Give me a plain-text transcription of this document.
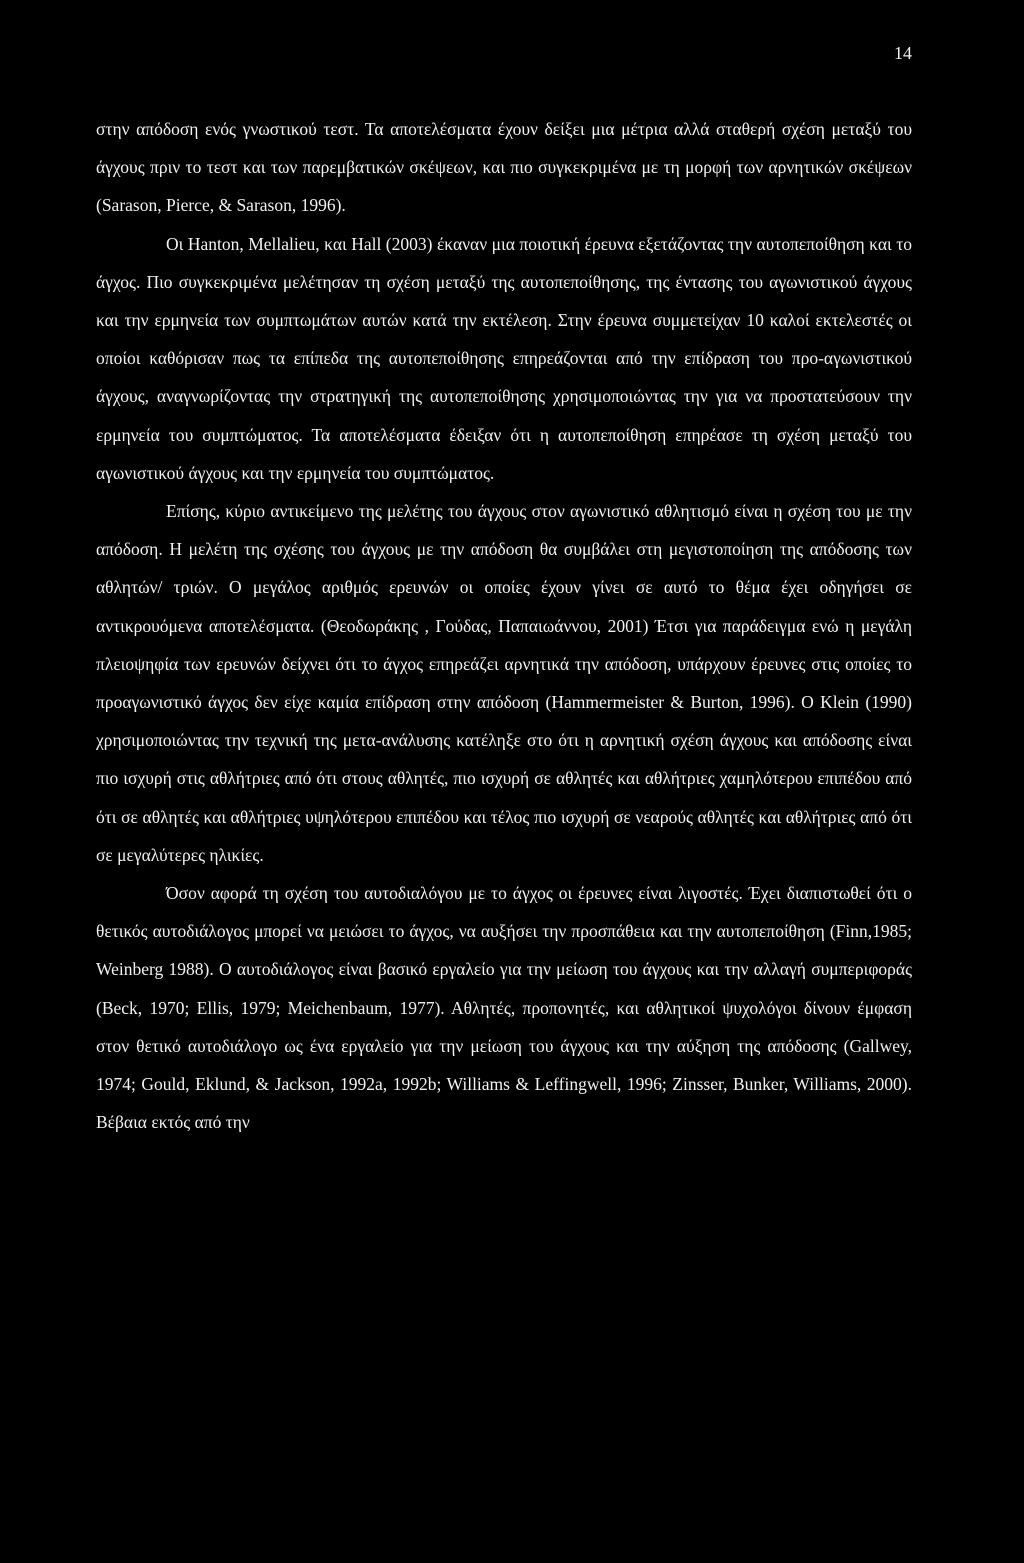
14

στην απόδοση ενός γνωστικού τεστ. Τα αποτελέσματα έχουν δείξει μια μέτρια αλλά σταθερή σχέση μεταξύ του άγχους πριν το τεστ και των παρεμβατικών σκέψεων, και πιο συγκεκριμένα με τη μορφή των αρνητικών σκέψεων (Sarason, Pierce, & Sarason, 1996).

Οι Hanton, Mellalieu, και Hall (2003) έκαναν μια ποιοτική έρευνα εξετάζοντας την αυτοπεποίθηση και το άγχος. Πιο συγκεκριμένα μελέτησαν τη σχέση μεταξύ της αυτοπεποίθησης, της έντασης του αγωνιστικού άγχους και την ερμηνεία των συμπτωμάτων αυτών κατά την εκτέλεση. Στην έρευνα συμμετείχαν 10 καλοί εκτελεστές οι οποίοι καθόρισαν πως τα επίπεδα της αυτοπεποίθησης επηρεάζονται από την επίδραση του προ-αγωνιστικού άγχους, αναγνωρίζοντας την στρατηγική της αυτοπεποίθησης χρησιμοποιώντας την για να προστατεύσουν την ερμηνεία του συμπτώματος. Τα αποτελέσματα έδειξαν ότι η αυτοπεποίθηση επηρέασε τη σχέση μεταξύ του αγωνιστικού άγχους και την ερμηνεία του συμπτώματος.

Επίσης, κύριο αντικείμενο της μελέτης του άγχους στον αγωνιστικό αθλητισμό είναι η σχέση του με την απόδοση. Η μελέτη της σχέσης του άγχους με την απόδοση θα συμβάλει στη μεγιστοποίηση της απόδοσης των αθλητών/ τριών. Ο μεγάλος αριθμός ερευνών οι οποίες έχουν γίνει σε αυτό το θέμα έχει οδηγήσει σε αντικρουόμενα αποτελέσματα. (Θεοδωράκης , Γούδας, Παπαιωάννου, 2001) Έτσι για παράδειγμα ενώ η μεγάλη πλειοψηφία των ερευνών δείχνει ότι το άγχος επηρεάζει αρνητικά την απόδοση, υπάρχουν έρευνες στις οποίες το προαγωνιστικό άγχος δεν είχε καμία επίδραση στην απόδοση (Hammermeister & Burton, 1996). Ο Klein (1990) χρησιμοποιώντας την τεχνική της μετα-ανάλυσης κατέληξε στο ότι η αρνητική σχέση άγχους και απόδοσης είναι πιο ισχυρή στις αθλήτριες από ότι στους αθλητές, πιο ισχυρή σε αθλητές και αθλήτριες χαμηλότερου επιπέδου από ότι σε αθλητές και αθλήτριες υψηλότερου επιπέδου και τέλος πιο ισχυρή σε νεαρούς αθλητές και αθλήτριες από ότι σε μεγαλύτερες ηλικίες.

Όσον αφορά τη σχέση του αυτοδιαλόγου με το άγχος οι έρευνες είναι λιγοστές. Έχει διαπιστωθεί ότι ο θετικός αυτοδιάλογος μπορεί να μειώσει το άγχος, να αυξήσει την προσπάθεια και την αυτοπεποίθηση (Finn,1985; Weinberg 1988). Ο αυτοδιάλογος είναι βασικό εργαλείο για την μείωση του άγχους και την αλλαγή συμπεριφοράς (Beck, 1970; Ellis, 1979; Meichenbaum, 1977). Αθλητές, προπονητές, και αθλητικοί ψυχολόγοι δίνουν έμφαση στον θετικό αυτοδιάλογο ως ένα εργαλείο για την μείωση του άγχους και την αύξηση της απόδοσης (Gallwey, 1974; Gould, Eklund, & Jackson, 1992a, 1992b; Williams & Leffingwell, 1996; Zinsser, Bunker, Williams, 2000). Βέβαια εκτός από την
